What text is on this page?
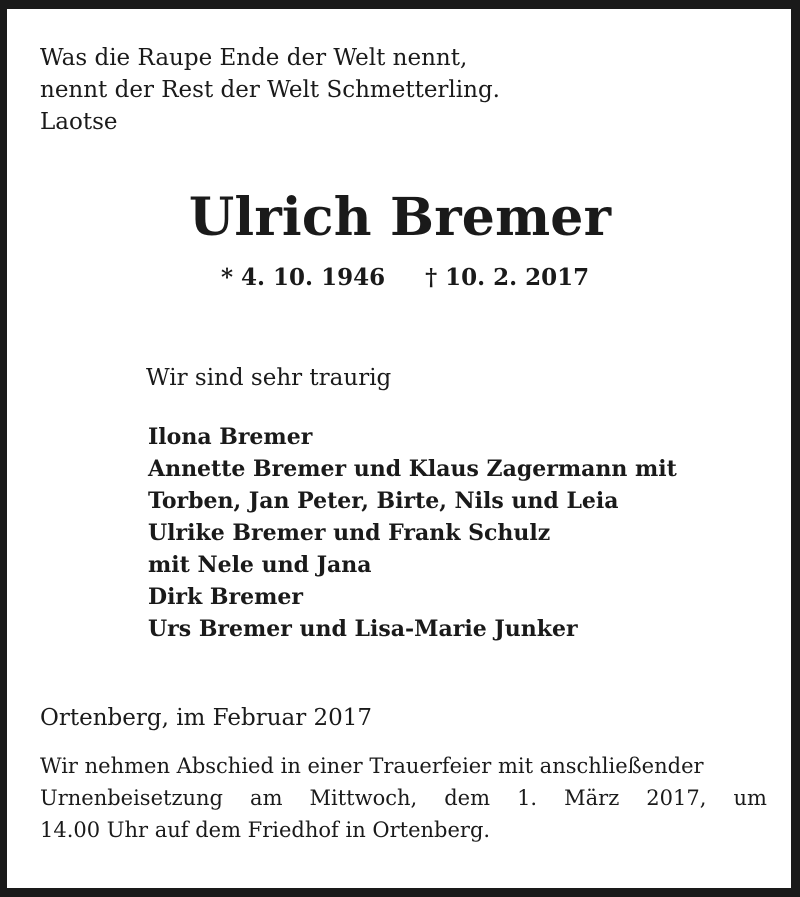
Was die Raupe Ende der Welt nennt,
nennt der Rest der Welt Schmetterling.
Laotse
Ulrich Bremer
* 4. 10. 1946 † 10. 2. 2017
Wir sind sehr traurig
Ilona Bremer
Annette Bremer und Klaus Zagermann mit
Torben, Jan Peter, Birte, Nils und Leia
Ulrike Bremer und Frank Schulz
mit Nele und Jana
Dirk Bremer
Urs Bremer und Lisa-Marie Junker
Ortenberg, im Februar 2017
Wir nehmen Abschied in einer Trauerfeier mit anschließender
Urnenbeisetzung am Mittwoch, dem 1. März 2017, um
14.00 Uhr auf dem Friedhof in Ortenberg.
